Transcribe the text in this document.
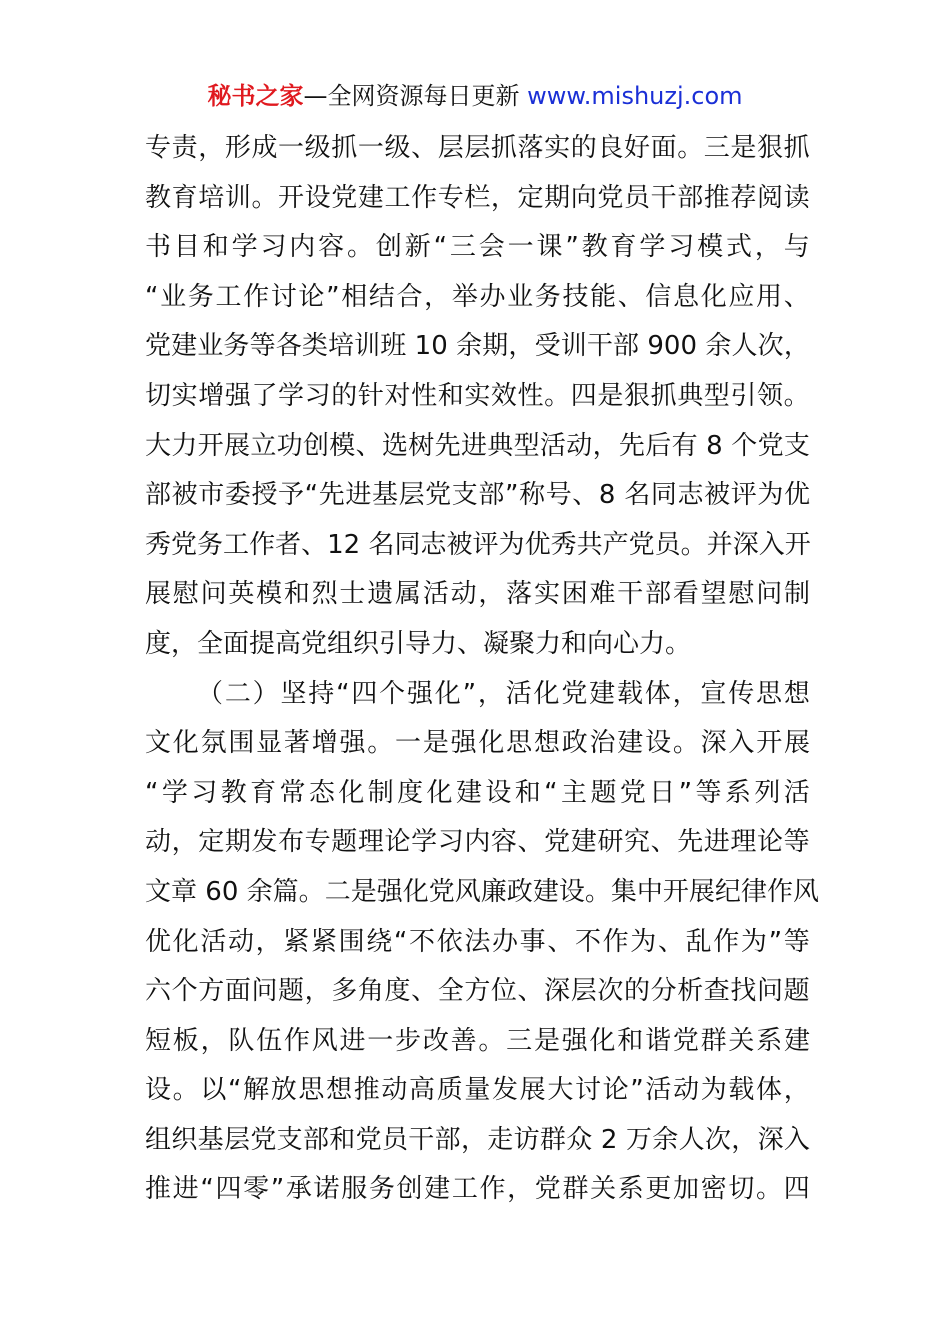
秘书之家—全网资源每日更新 www.mishuzj.com
专 责 ， 形 成 一 级 抓 一 级 、 层 层 抓 落 实 的 良 好 面 。 三 是 狠 抓
教 育 培 训 。 开 设 党 建 工 作 专 栏 ， 定 期 向 党 员 干 部 推 荐 阅 读
书 目 和 学 习 内 容 。 创 新 “ 三 会 一 课 ” 教 育 学 习 模 式 ， 与
“ 业 务 工 作 讨 论 ” 相 结 合 ， 举 办 业 务 技 能 、 信 息 化 应 用 、
党 建 业 务 等 各 类 培 训 班 10 余 期 ， 受 训 干 部 900 余 人 次 ，
切 实 增 强 了 学 习 的 针 对 性 和 实 效 性 。 四 是 狠 抓 典 型 引 领 。
大 力 开 展 立 功 创 模 、 选 树 先 进 典 型 活 动 ， 先 后 有 8 个 党 支
部 被 市 委 授 予 “ 先 进 基 层 党 支 部 ” 称 号 、 8 名 同 志 被 评 为 优
秀 党 务 工 作 者 、 12 名 同 志 被 评 为 优 秀 共 产 党 员 。 并 深 入 开
展 慰 问 英 模 和 烈 士 遗 属 活 动 ， 落 实 困 难 干 部 看 望 慰 问 制
度，全面提高党组织引导力、凝聚力和向心力。
（ 二 ） 坚 持 “ 四 个 强 化 ” ， 活 化 党 建 载 体 ， 宣 传 思 想
文 化 氛 围 显 著 增 强 。 一 是 强 化 思 想 政 治 建 设 。 深 入 开 展
“ 学 习 教 育 常 态 化 制 度 化 建 设 和 “ 主 题 党 日 ” 等 系 列 活
动 ， 定 期 发 布 专 题 理 论 学 习 内 容 、 党 建 研 究 、 先 进 理 论 等
文 章 60 余 篇 。 二 是 强 化 党 风 廉 政 建 设 。 集 中 开 展 纪 律 作 风
优 化 活 动 ， 紧 紧 围 绕 “ 不 依 法 办 事 、 不 作 为 、 乱 作 为 ” 等
六 个 方 面 问 题 ， 多 角 度 、 全 方 位 、 深 层 次 的 分 析 查 找 问 题
短 板 ， 队 伍 作 风 进 一 步 改 善 。 三 是 强 化 和 谐 党 群 关 系 建
设 。 以 “ 解 放 思 想 推 动 高 质 量 发 展 大 讨 论 ” 活 动 为 载 体 ，
组 织 基 层 党 支 部 和 党 员 干 部 ， 走 访 群 众 2 万 余 人 次 ， 深 入
推 进 “ 四 零 ” 承 诺 服 务 创 建 工 作 ， 党 群 关 系 更 加 密 切 。 四
